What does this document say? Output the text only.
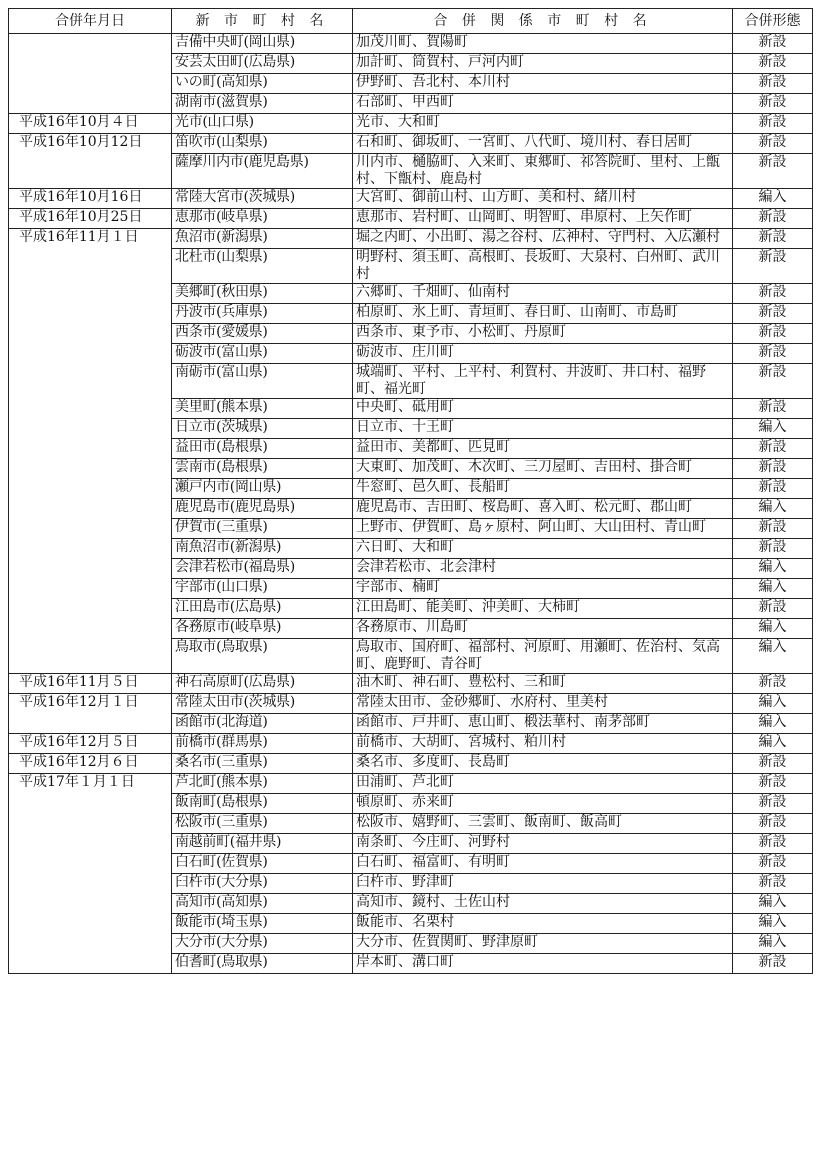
合併年月日	新 市 町 村 名	合 併 関 係 市 町 村 名	合併形態
	吉備中央町(岡山県)	加茂川町、賀陽町	新設
	安芸太田町(広島県)	加計町、筒賀村、戸河内町	新設
	いの町(高知県)	伊野町、吾北村、本川村	新設
	湖南市(滋賀県)	石部町、甲西町	新設
平成16年10月４日	光市(山口県)	光市、大和町	新設
平成16年10月12日	笛吹市(山梨県)	石和町、御坂町、一宮町、八代町、境川村、春日居町	新設
	薩摩川内市(鹿児島県)	川内市、樋脇町、入来町、東郷町、祁答院町、里村、上甑村、下甑村、鹿島村	新設
平成16年10月16日	常陸大宮市(茨城県)	大宮町、御前山村、山方町、美和村、緒川村	編入
平成16年10月25日	恵那市(岐阜県)	恵那市、岩村町、山岡町、明智町、串原村、上矢作町	新設
平成16年11月１日	魚沼市(新潟県)	堀之内町、小出町、湯之谷村、広神村、守門村、入広瀬村	新設
	北杜市(山梨県)	明野村、須玉町、高根町、長坂町、大泉村、白州町、武川村	新設
	美郷町(秋田県)	六郷町、千畑町、仙南村	新設
	丹波市(兵庫県)	柏原町、氷上町、青垣町、春日町、山南町、市島町	新設
	西条市(愛媛県)	西条市、東予市、小松町、丹原町	新設
	砺波市(富山県)	砺波市、庄川町	新設
	南砺市(富山県)	城端町、平村、上平村、利賀村、井波町、井口村、福野町、福光町	新設
	美里町(熊本県)	中央町、砥用町	新設
	日立市(茨城県)	日立市、十王町	編入
	益田市(島根県)	益田市、美都町、匹見町	新設
	雲南市(島根県)	大東町、加茂町、木次町、三刀屋町、吉田村、掛合町	新設
	瀬戸内市(岡山県)	牛窓町、邑久町、長船町	新設
	鹿児島市(鹿児島県)	鹿児島市、吉田町、桜島町、喜入町、松元町、郡山町	編入
	伊賀市(三重県)	上野市、伊賀町、島ヶ原村、阿山町、大山田村、青山町	新設
	南魚沼市(新潟県)	六日町、大和町	新設
	会津若松市(福島県)	会津若松市、北会津村	編入
	宇部市(山口県)	宇部市、楠町	編入
	江田島市(広島県)	江田島町、能美町、沖美町、大柿町	新設
	各務原市(岐阜県)	各務原市、川島町	編入
	鳥取市(鳥取県)	鳥取市、国府町、福部村、河原町、用瀬町、佐治村、気高町、鹿野町、青谷町	編入
平成16年11月５日	神石高原町(広島県)	油木町、神石町、豊松村、三和町	新設
平成16年12月１日	常陸太田市(茨城県)	常陸太田市、金砂郷町、水府村、里美村	編入
	函館市(北海道)	函館市、戸井町、恵山町、椴法華村、南茅部町	編入
平成16年12月５日	前橋市(群馬県)	前橋市、大胡町、宮城村、粕川村	編入
平成16年12月６日	桑名市(三重県)	桑名市、多度町、長島町	新設
平成17年１月１日	芦北町(熊本県)	田浦町、芦北町	新設
	飯南町(島根県)	頓原町、赤来町	新設
	松阪市(三重県)	松阪市、嬉野町、三雲町、飯南町、飯高町	新設
	南越前町(福井県)	南条町、今庄町、河野村	新設
	白石町(佐賀県)	白石町、福富町、有明町	新設
	臼杵市(大分県)	臼杵市、野津町	新設
	高知市(高知県)	高知市、鏡村、土佐山村	編入
	飯能市(埼玉県)	飯能市、名栗村	編入
	大分市(大分県)	大分市、佐賀関町、野津原町	編入
	伯耆町(鳥取県)	岸本町、溝口町	新設
